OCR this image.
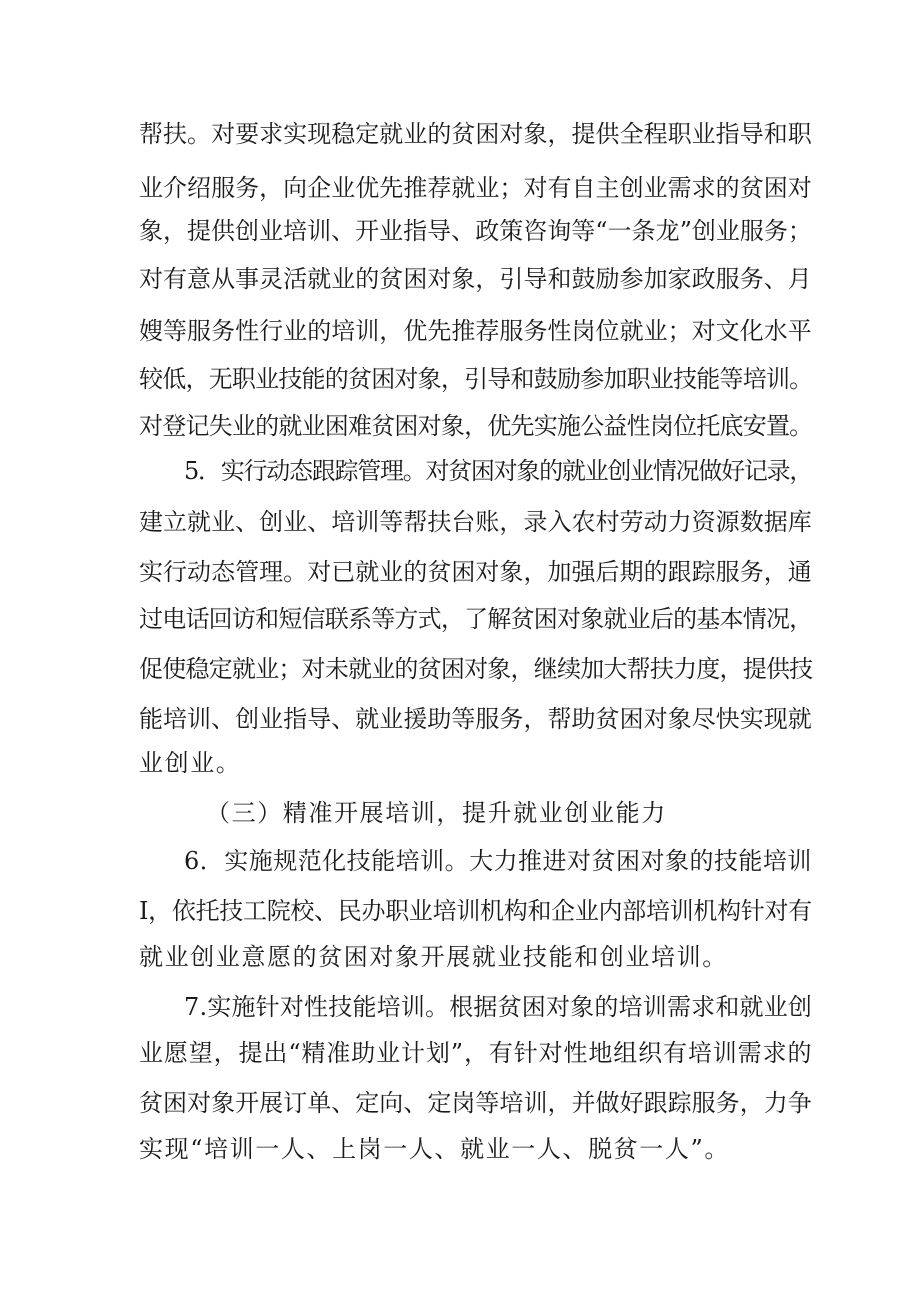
帮扶。对要求实现稳定就业的贫困对象，提供全程职业指导和职
业介绍服务，向企业优先推荐就业；对有自主创业需求的贫困对
象，提供创业培训、开业指导、政策咨询等“一条龙”创业服务；
对有意从事灵活就业的贫困对象，引导和鼓励参加家政服务、月
嫂等服务性行业的培训，优先推荐服务性岗位就业；对文化水平
较低，无职业技能的贫困对象，引导和鼓励参加职业技能等培训。
对登记失业的就业困难贫困对象，优先实施公益性岗位托底安置。
5．实行动态跟踪管理。对贫困对象的就业创业情况做好记录，
建立就业、创业、培训等帮扶台账，录入农村劳动力资源数据库
实行动态管理。对已就业的贫困对象，加强后期的跟踪服务，通
过电话回访和短信联系等方式，了解贫困对象就业后的基本情况，
促使稳定就业；对未就业的贫困对象，继续加大帮扶力度，提供技
能培训、创业指导、就业援助等服务，帮助贫困对象尽快实现就
业创业。
（三）精准开展培训，提升就业创业能力
6．实施规范化技能培训。大力推进对贫困对象的技能培训
I，依托技工院校、民办职业培训机构和企业内部培训机构针对有
就业创业意愿的贫困对象开展就业技能和创业培训。
7.实施针对性技能培训。根据贫困对象的培训需求和就业创
业愿望，提出“精准助业计划”，有针对性地组织有培训需求的
贫困对象开展订单、定向、定岗等培训，并做好跟踪服务，力争
实现“培训一人、上岗一人、就业一人、脱贫一人”。
